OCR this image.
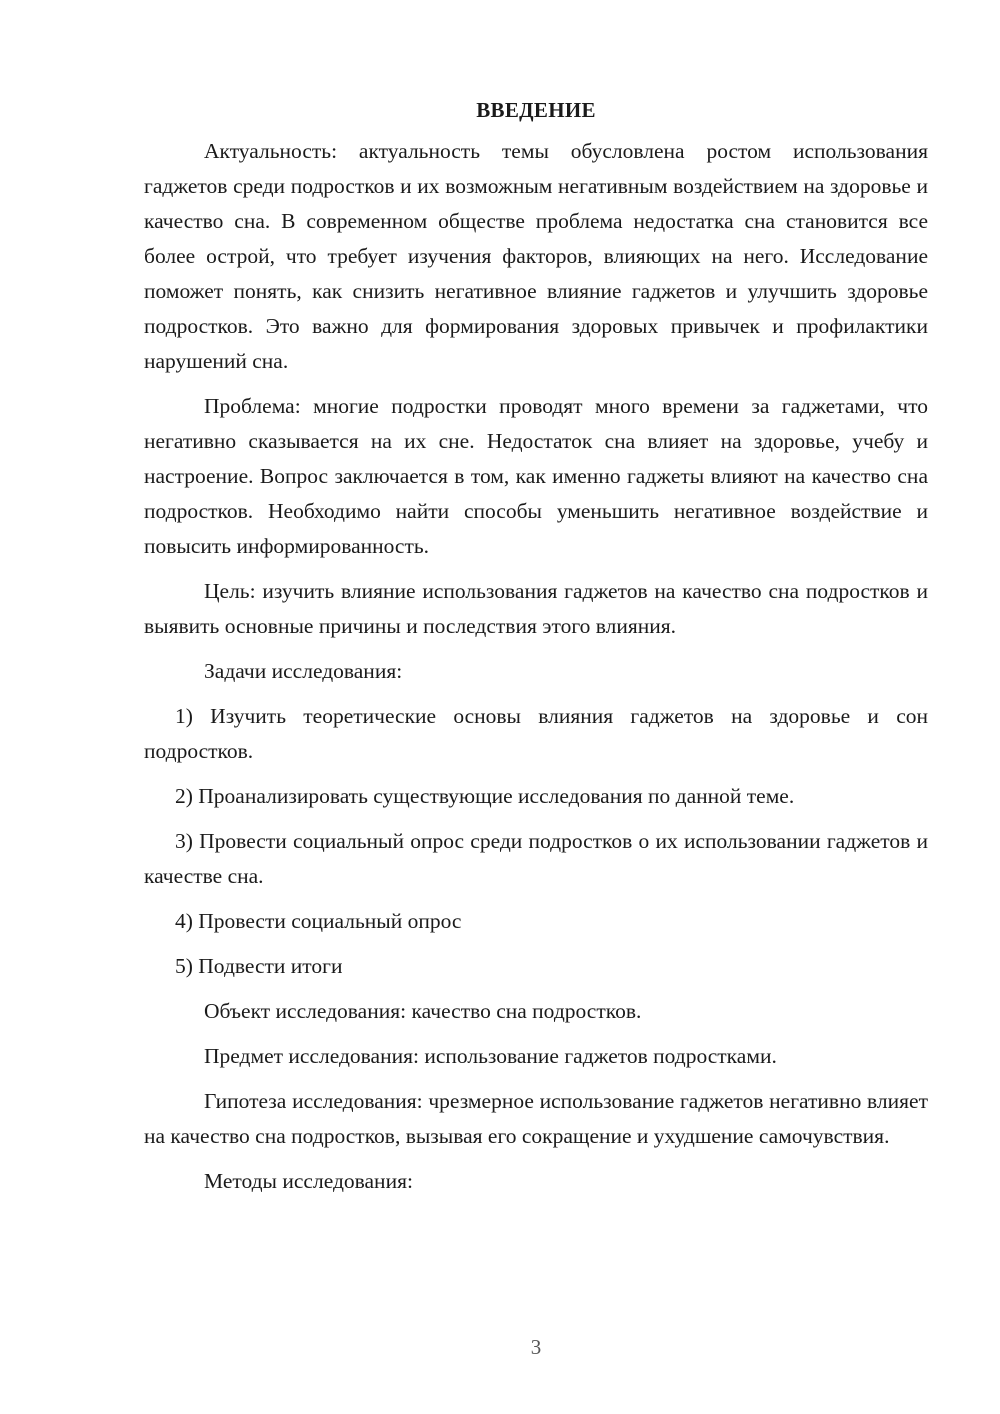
ВВЕДЕНИЕ

Актуальность: актуальность темы обусловлена ростом использования гаджетов среди подростков и их возможным негативным воздействием на здоровье и качество сна. В современном обществе проблема недостатка сна становится все более острой, что требует изучения факторов, влияющих на него. Исследование поможет понять, как снизить негативное влияние гаджетов и улучшить здоровье подростков. Это важно для формирования здоровых привычек и профилактики нарушений сна.

Проблема: многие подростки проводят много времени за гаджетами, что негативно сказывается на их сне. Недостаток сна влияет на здоровье, учебу и настроение. Вопрос заключается в том, как именно гаджеты влияют на качество сна подростков. Необходимо найти способы уменьшить негативное воздействие и повысить информированность.

Цель: изучить влияние использования гаджетов на качество сна подростков и выявить основные причины и последствия этого влияния.

Задачи исследования:

1) Изучить теоретические основы влияния гаджетов на здоровье и сон подростков.

2) Проанализировать существующие исследования по данной теме.

3) Провести социальный опрос среди подростков о их использовании гаджетов и качестве сна.

4) Провести социальный опрос

5) Подвести итоги

Объект исследования: качество сна подростков.

Предмет исследования: использование гаджетов подростками.

Гипотеза исследования: чрезмерное использование гаджетов негативно влияет на качество сна подростков, вызывая его сокращение и ухудшение самочувствия.

Методы исследования:

3
